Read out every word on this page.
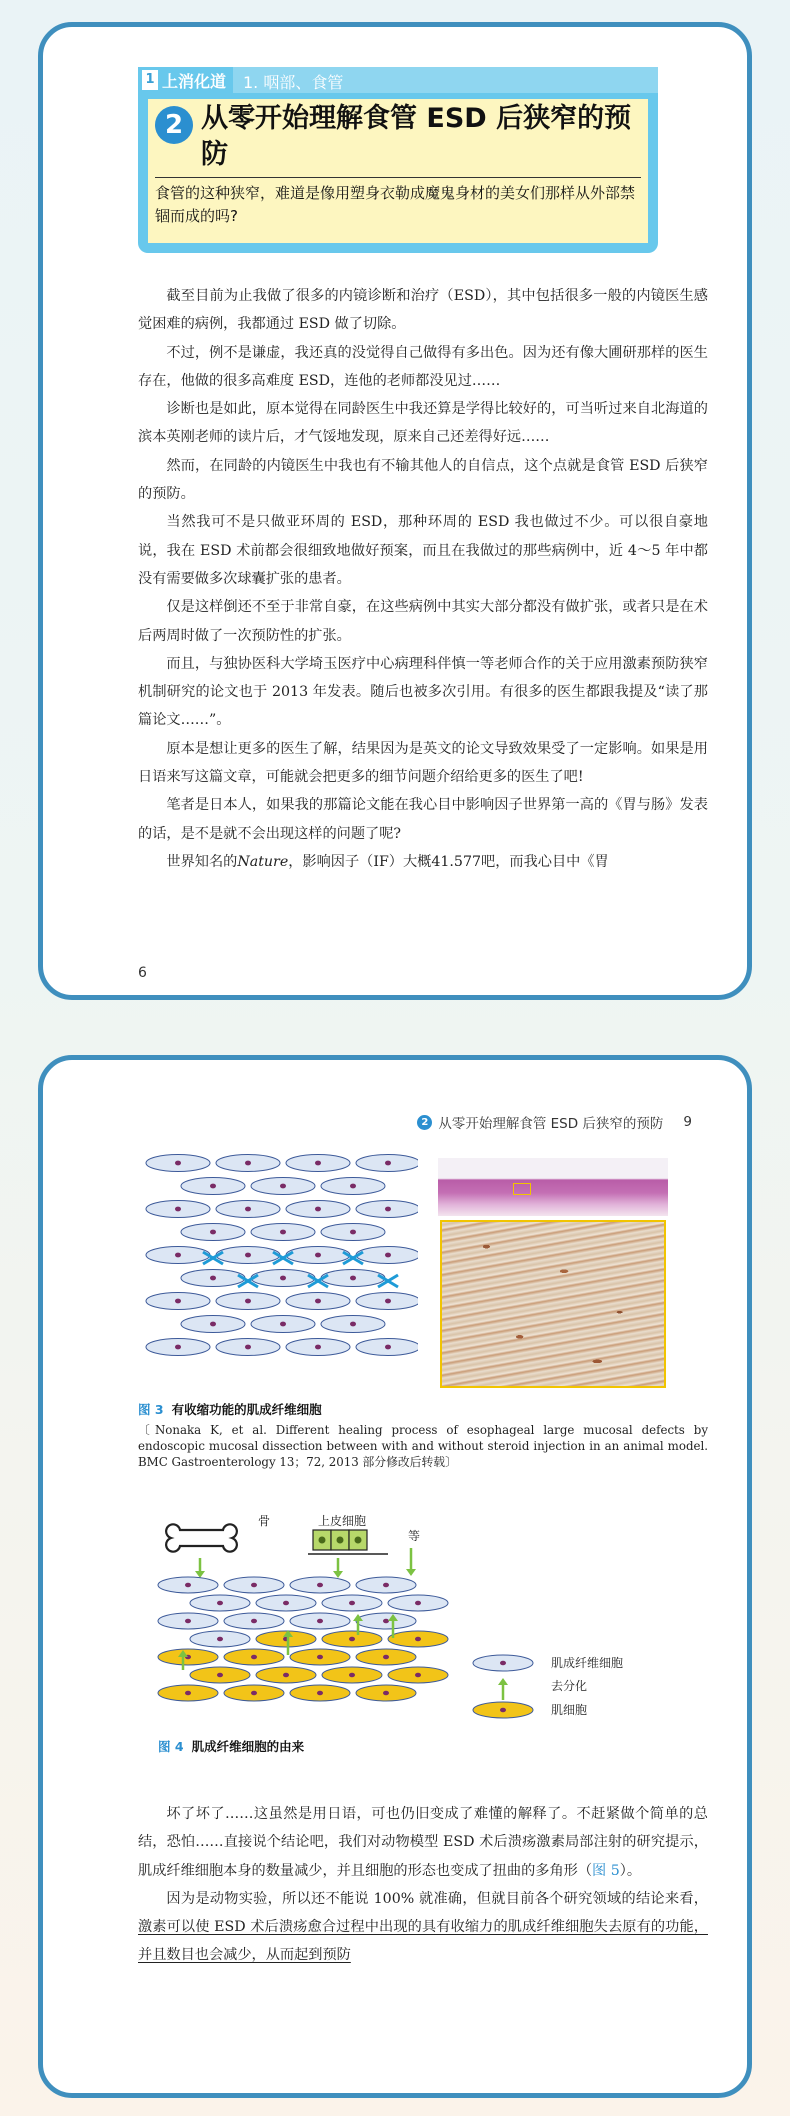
1 上消化道 1. 咽部、食管
2 从零开始理解食管 ESD 后狭窄的预防
食管的这种狭窄，难道是像用塑身衣勒成魔鬼身材的美女们那样从外部禁锢而成的吗?

截至目前为止我做了很多的内镜诊断和治疗（ESD），其中包括很多一般的内镜医生感觉困难的病例，我都通过 ESD 做了切除。

不过，例不是谦虚，我还真的没觉得自己做得有多出色。因为还有像大圃研那样的医生存在，他做的很多高难度 ESD，连他的老师都没见过……

诊断也是如此，原本觉得在同龄医生中我还算是学得比较好的，可当听过来自北海道的滨本英刚老师的读片后，才气馁地发现，原来自己还差得好远……

然而，在同龄的内镜医生中我也有不输其他人的自信点，这个点就是食管 ESD 后狭窄的预防。

当然我可不是只做亚环周的 ESD，那种环周的 ESD 我也做过不少。可以很自豪地说，我在 ESD 术前都会很细致地做好预案，而且在我做过的那些病例中，近 4～5 年中都没有需要做多次球囊扩张的患者。

仅是这样倒还不至于非常自豪，在这些病例中其实大部分都没有做扩张，或者只是在术后两周时做了一次预防性的扩张。

而且，与独协医科大学埼玉医疗中心病理科伴慎一等老师合作的关于应用激素预防狭窄机制研究的论文也于 2013 年发表。随后也被多次引用。有很多的医生都跟我提及“读了那篇论文……”。

原本是想让更多的医生了解，结果因为是英文的论文导致效果受了一定影响。如果是用日语来写这篇文章，可能就会把更多的细节问题介绍给更多的医生了吧!

笔者是日本人，如果我的那篇论文能在我心目中影响因子世界第一高的《胃与肠》发表的话，是不是就不会出现这样的问题了呢?

世界知名的Nature，影响因子（IF）大概41.577吧，而我心目中《胃

6
2 从零开始理解食管 ESD 后狭窄的预防 9
图 3 有收缩功能的肌成纤维细胞
〔Nonaka K, et al. Different healing process of esophageal large mucosal defects by endoscopic mucosal dissection between with and without steroid injection in an animal model. BMC Gastroenterology 13；72, 2013 部分修改后转载〕
骨	上皮细胞
等
肌成纤维细胞
去分化
肌细胞
图 4 肌成纤维细胞的由来

坏了坏了……这虽然是用日语，可也仍旧变成了难懂的解释了。不赶紧做个简单的总结，恐怕……直接说个结论吧，我们对动物模型 ESD 术后溃疡激素局部注射的研究提示，肌成纤维细胞本身的数量减少，并且细胞的形态也变成了扭曲的多角形（图 5）。

因为是动物实验，所以还不能说 100% 就准确，但就目前各个研究领域的结论来看，激素可以使 ESD 术后溃疡愈合过程中出现的具有收缩力的肌成纤维细胞失去原有的功能，并且数目也会减少，从而起到预防
